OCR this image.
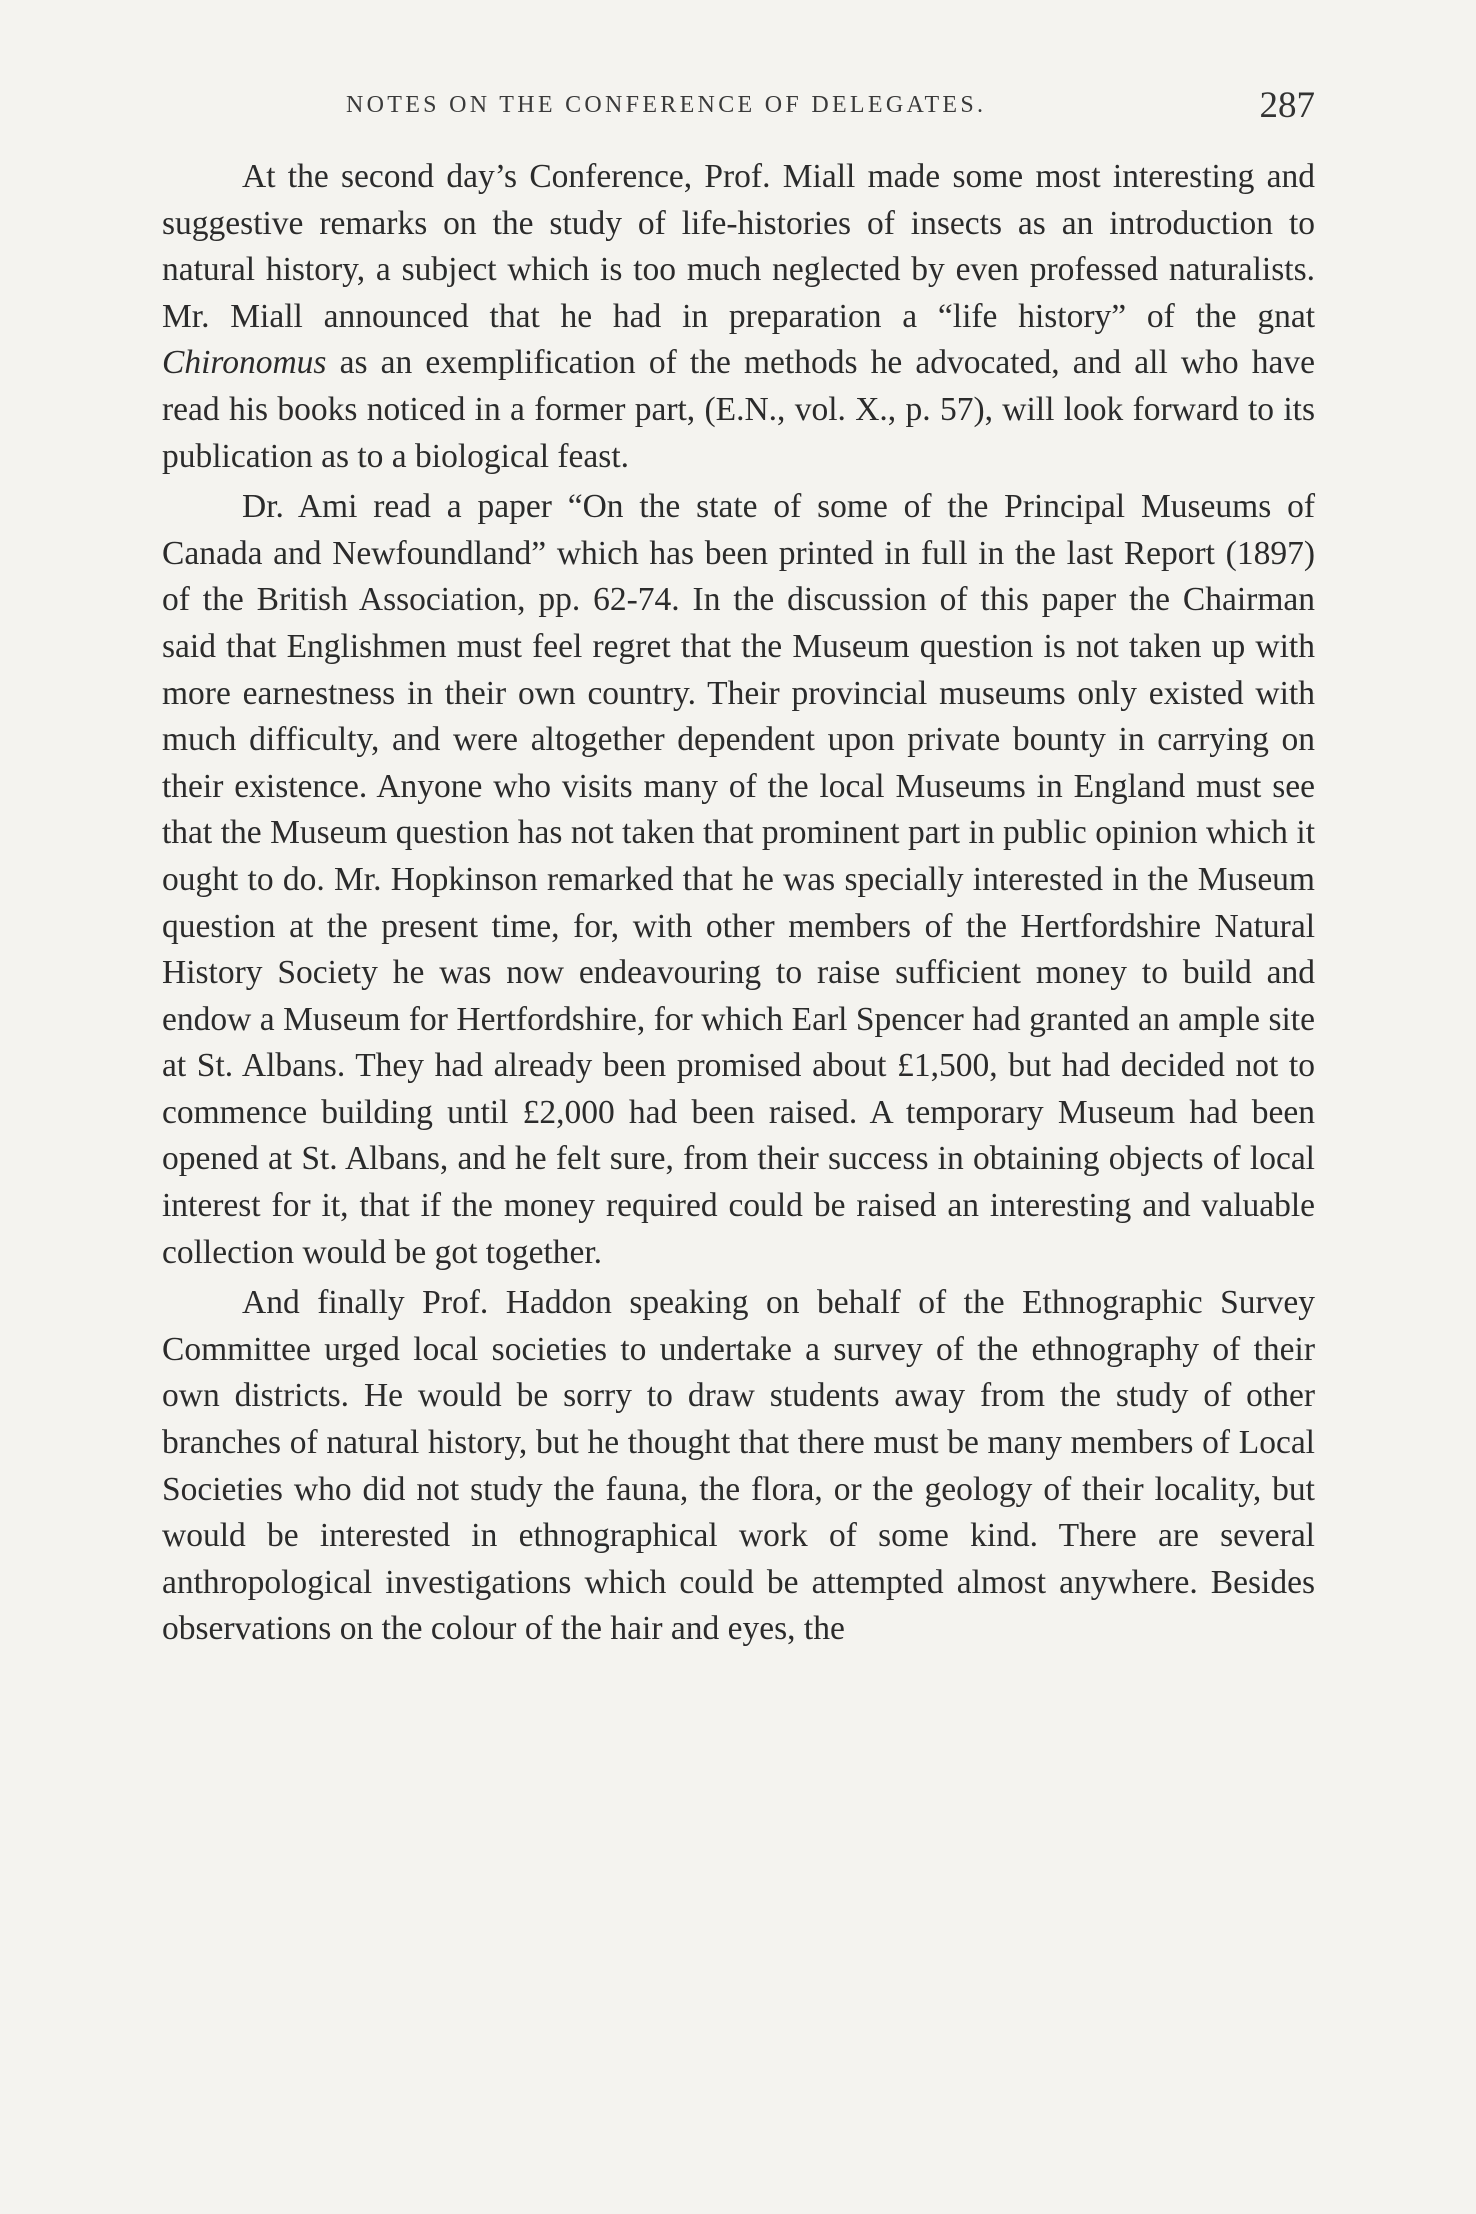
NOTES ON THE CONFERENCE OF DELEGATES.	287

At the second day’s Conference, Prof. Miall made some most interesting and suggestive remarks on the study of life-histories of insects as an introduction to natural history, a subject which is too much neglected by even professed naturalists. Mr. Miall announced that he had in preparation a “life history” of the gnat Chironomus as an exemplification of the methods he advocated, and all who have read his books noticed in a former part, (E.N., vol. X., p. 57), will look forward to its publication as to a biological feast.

Dr. Ami read a paper “On the state of some of the Principal Museums of Canada and Newfoundland” which has been printed in full in the last Report (1897) of the British Association, pp. 62-74. In the discussion of this paper the Chairman said that Englishmen must feel regret that the Museum question is not taken up with more earnestness in their own country. Their provincial museums only existed with much difficulty, and were altogether dependent upon private bounty in carrying on their existence. Anyone who visits many of the local Museums in England must see that the Museum question has not taken that prominent part in public opinion which it ought to do. Mr. Hopkinson remarked that he was specially interested in the Museum question at the present time, for, with other members of the Hertfordshire Natural History Society he was now endeavouring to raise sufficient money to build and endow a Museum for Hertfordshire, for which Earl Spencer had granted an ample site at St. Albans. They had already been promised about £1,500, but had decided not to commence building until £2,000 had been raised. A temporary Museum had been opened at St. Albans, and he felt sure, from their success in obtaining objects of local interest for it, that if the money required could be raised an interesting and valuable collection would be got together.

And finally Prof. Haddon speaking on behalf of the Ethnographic Survey Committee urged local societies to undertake a survey of the ethnography of their own districts. He would be sorry to draw students away from the study of other branches of natural history, but he thought that there must be many members of Local Societies who did not study the fauna, the flora, or the geology of their locality, but would be interested in ethnographical work of some kind. There are several anthropological investigations which could be attempted almost anywhere. Besides observations on the colour of the hair and eyes, the
